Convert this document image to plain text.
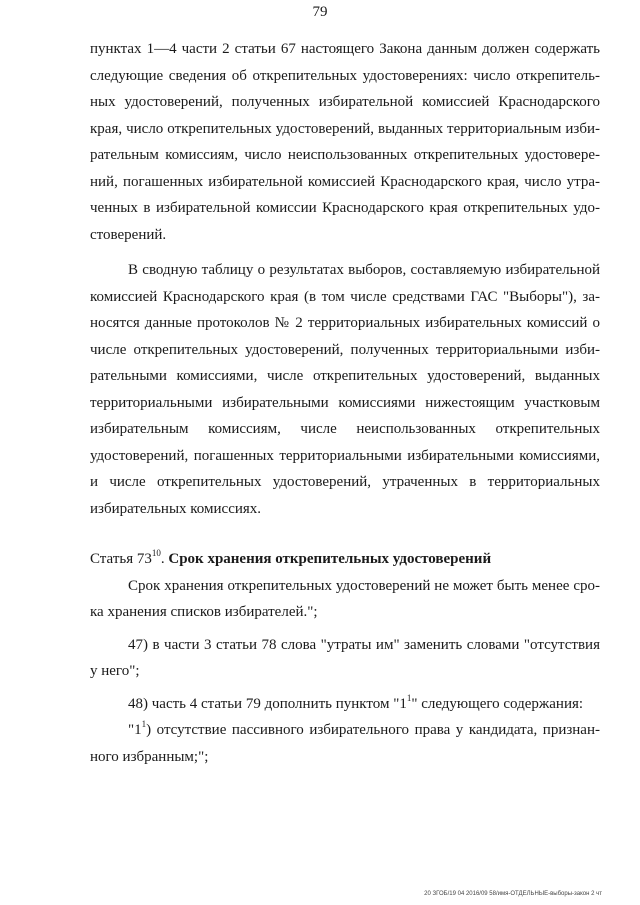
79

пунктах 1—4 части 2 статьи 67 настоящего Закона данным должен содержать следующие сведения об открепительных удостоверениях: число открепительных удостоверений, полученных избирательной комиссией Краснодарского края, число открепительных удостоверений, выданных территориальным избирательным комиссиям, число неиспользованных открепительных удостоверений, погашенных избирательной комиссией Краснодарского края, число утраченных в избирательной комиссии Краснодарского края открепительных удостоверений.

В сводную таблицу о результатах выборов, составляемую избирательной комиссией Краснодарского края (в том числе средствами ГАС "Выборы"), заносятся данные протоколов № 2 территориальных избирательных комиссий о числе открепительных удостоверений, полученных территориальными избирательными комиссиями, числе открепительных удостоверений, выданных территориальными избирательными комиссиями нижестоящим участковым избирательным комиссиям, числе неиспользованных открепительных удостоверений, погашенных территориальными избирательными комиссиями, и числе открепительных удостоверений, утраченных в территориальных избирательных комиссиях.

Статья $73^{10}$. Срок хранения открепительных удостоверений

Срок хранения открепительных удостоверений не может быть менее срока хранения списков избирателей.";

47) в части 3 статьи 78 слова "утраты им" заменить словами "отсутствия у него";

48) часть 4 статьи 79 дополнить пунктом "$1^1$" следующего содержания:

"$1^1$) отсутствие пассивного избирательного права у кандидата, признанного избранным;";

20 ЗГОБ/19 04 2016/09 58/имя-ОТДЕЛЬНЫЕ-выборы-закон 2 чт
